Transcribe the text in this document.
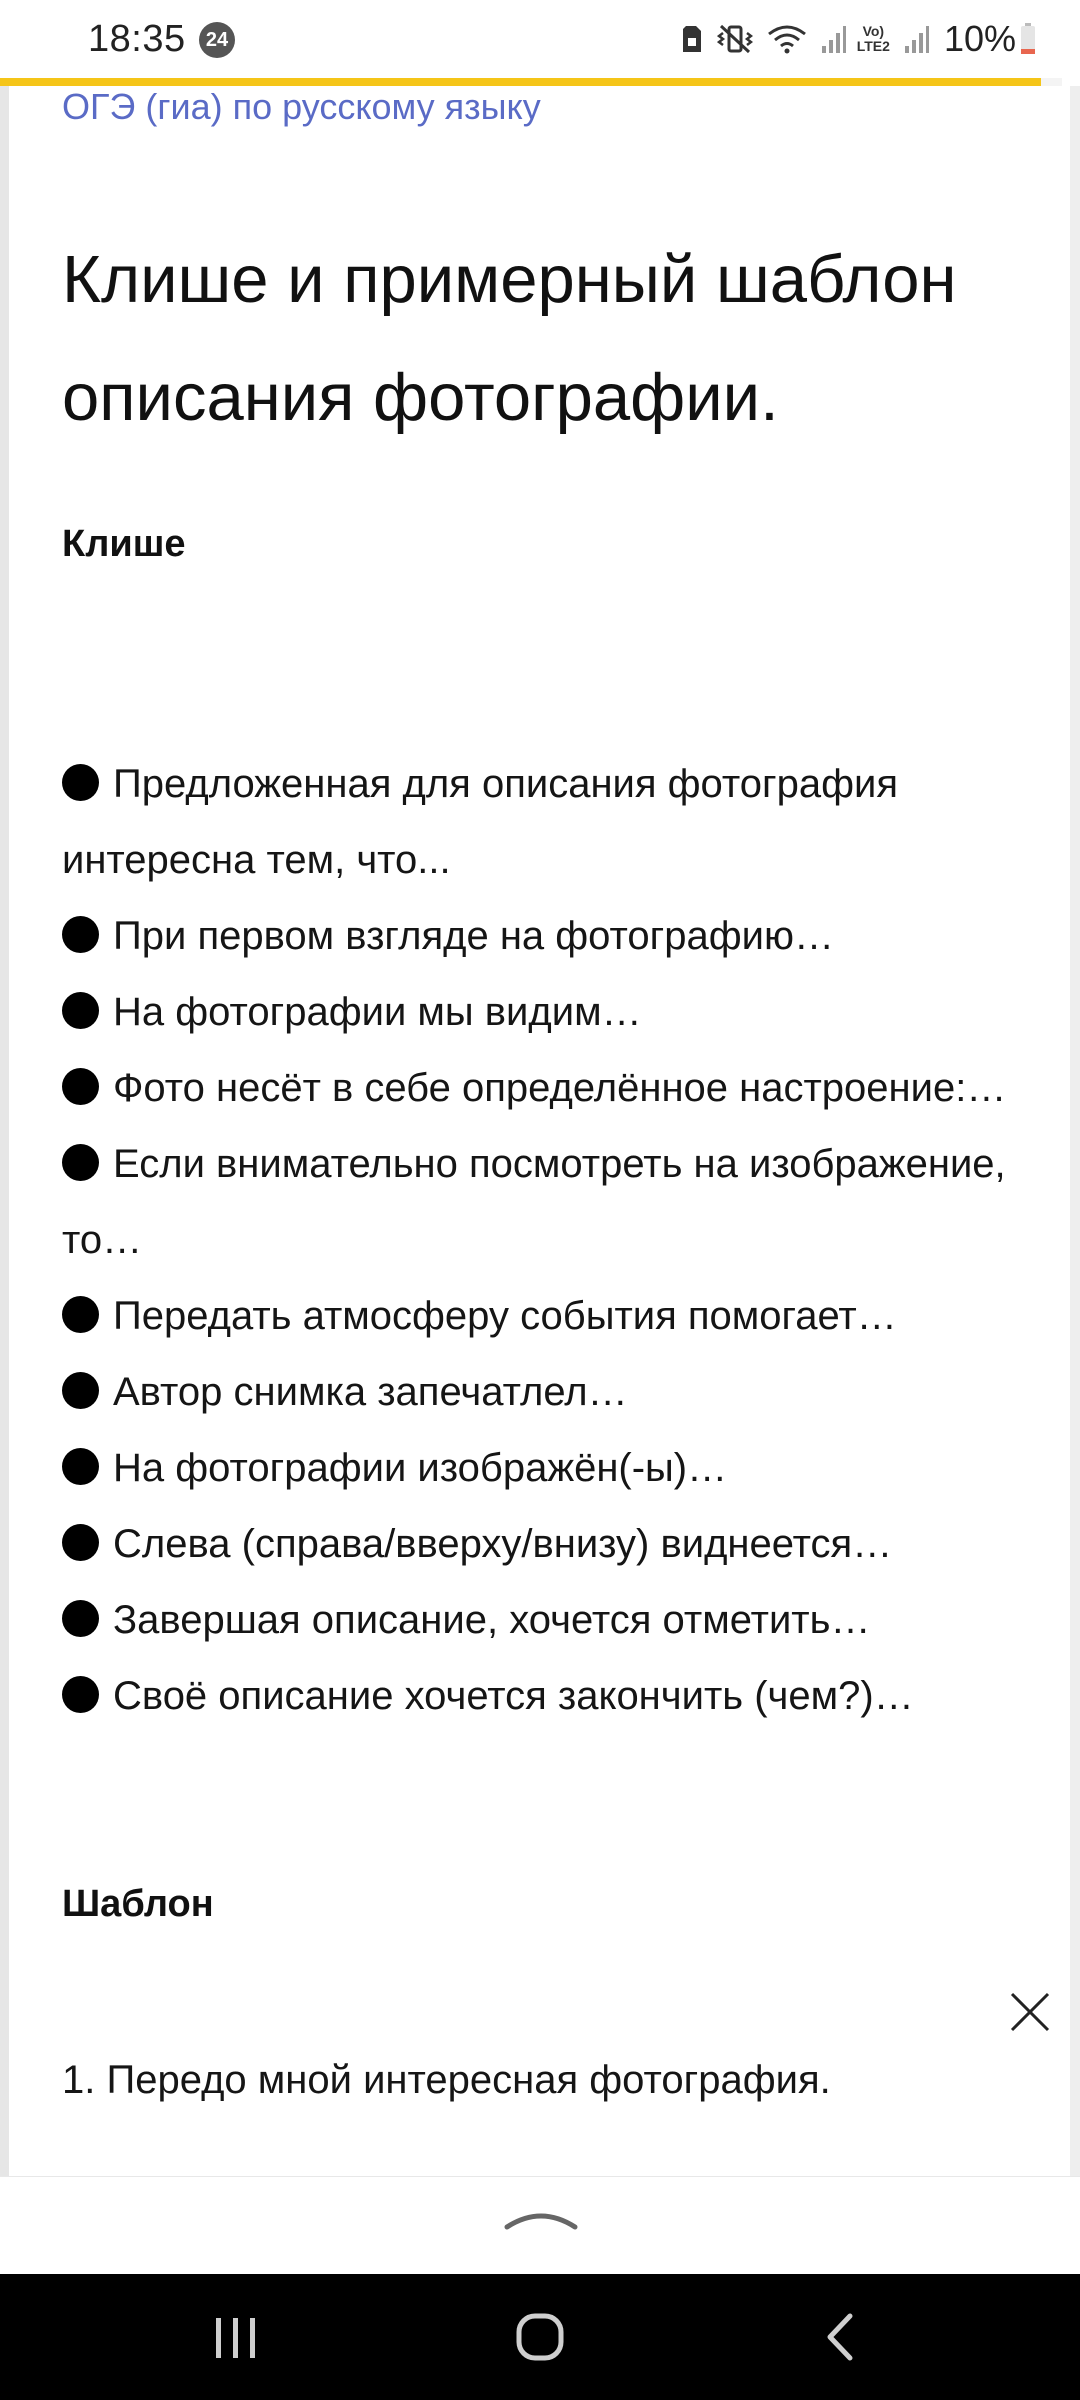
18:35	24	Vo)
LTE2 10%
ОГЭ (гиа) по русскому языку
Клише и примерный шаблон описания фотографии.
Клише
Предложенная для описания фотография интересна тем, что...
При первом взгляде на фотографию…
На фотографии мы видим…
Фото несёт в себе определённое настроение:…
Если внимательно посмотреть на изображение, то…
Передать атмосферу события помогает…
Автор снимка запечатлел…
На фотографии изображён(-ы)…
Слева (справа/вверху/внизу) виднеется…
Завершая описание, хочется отметить…
Своё описание хочется закончить (чем?)…
Шаблон

1. Передо мной интересная фотография.
